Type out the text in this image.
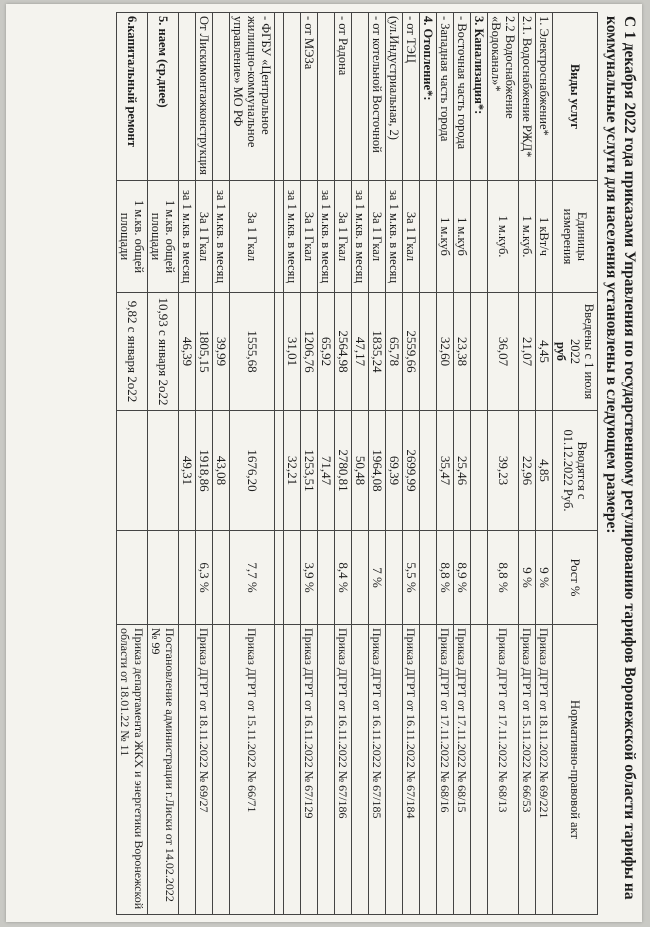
С 1 декабря 2022 года приказами Управления по государственному регулированию тарифов Воронежской области тарифы на коммунальные услуги для населения установлены в следующем размере:
Виды услуг	Единицы измерения	Введены с 1 июля 2022
руб	Вводятся с 01.12.2022 Руб.	Рост %	Нормативно-правовой акт
1. Электроснабжение*	1 кВт/ч	4,45	4,85	9 %	Приказ ДГРТ от 18.11.2022 № 69/221
2.1. Водоснабжение РЖД*	1 м.куб.	21,07	22,96	9 %	Приказ ДГРТ от 15.11.2022 № 66/53
2.2 Водоснабжение «Водоканал»*	1 м.куб.	36,07	39,23	8,8 %	Приказ ДГРТ от 17.11.2022 № 68/13
3. Канализация*:					
- Восточная часть города	1 м.куб	23,38	25,46	8,9 %	Приказ ДГРТ от 17.11.2022 № 68/15
- Западная часть города	1 м.куб	32,60	35,47	8,8 %	Приказ ДГРТ от 17.11.2022 № 68/16
4. Отопление*:					
- от ТЭЦ	За 1 Гкал	2559,66	2699,99	5,5 %	Приказ ДГРТ от 16.11.2022 № 67/184
(ул.Индустриальная, 2)	за 1 м.кв. в месяц	65,78	69,39		
- от котельной Восточной	За 1 Гкал	1835,24	1964,08	7 %	Приказ ДГРТ от 16.11.2022 № 67/185
	за 1 м.кв. в месяц	47,17	50,48		
- от Радона	За 1 Гкал	2564,98	2780,81	8,4 %	Приказ ДГРТ от 16.11.2022 № 67/186
	за 1 м.кв. в месяц	65,92	71,47		
- от МЭЗа	За 1 Гкал	1206,76	1253,51	3,9 %	Приказ ДГРТ от 16.11.2022 № 67/129
	за 1 м.кв. в месяц	31,01	32,21		

- ФГБУ «Центральное жилищно-коммунальное управление» МО РФ	За 1 Гкал	1555,68	1676,20	7,7 %	Приказ ДГРТ от 15.11.2022 № 66/71
	за 1 м.кв. в месяц	39,99	43,08		
От Лискимонтажконструкция	За 1 Гкал	1805,15	1918,86	6,3 %	Приказ ДГРТ от 18.11.2022 № 69/27
	за 1 м.кв. в месяц	46,39	49,31		
5. наем (ср.днее)	1 м.кв. общей площади	10,93 с января 2о22			Постановление администрации г.Лиски от 14.02.2022 № 99
6.капитальный ремонт	1 м.кв. общей площади	9,82 с января 2о22			Приказ департамента ЖКХ и энергетики Воронежской области от 18.01.22 № 11
